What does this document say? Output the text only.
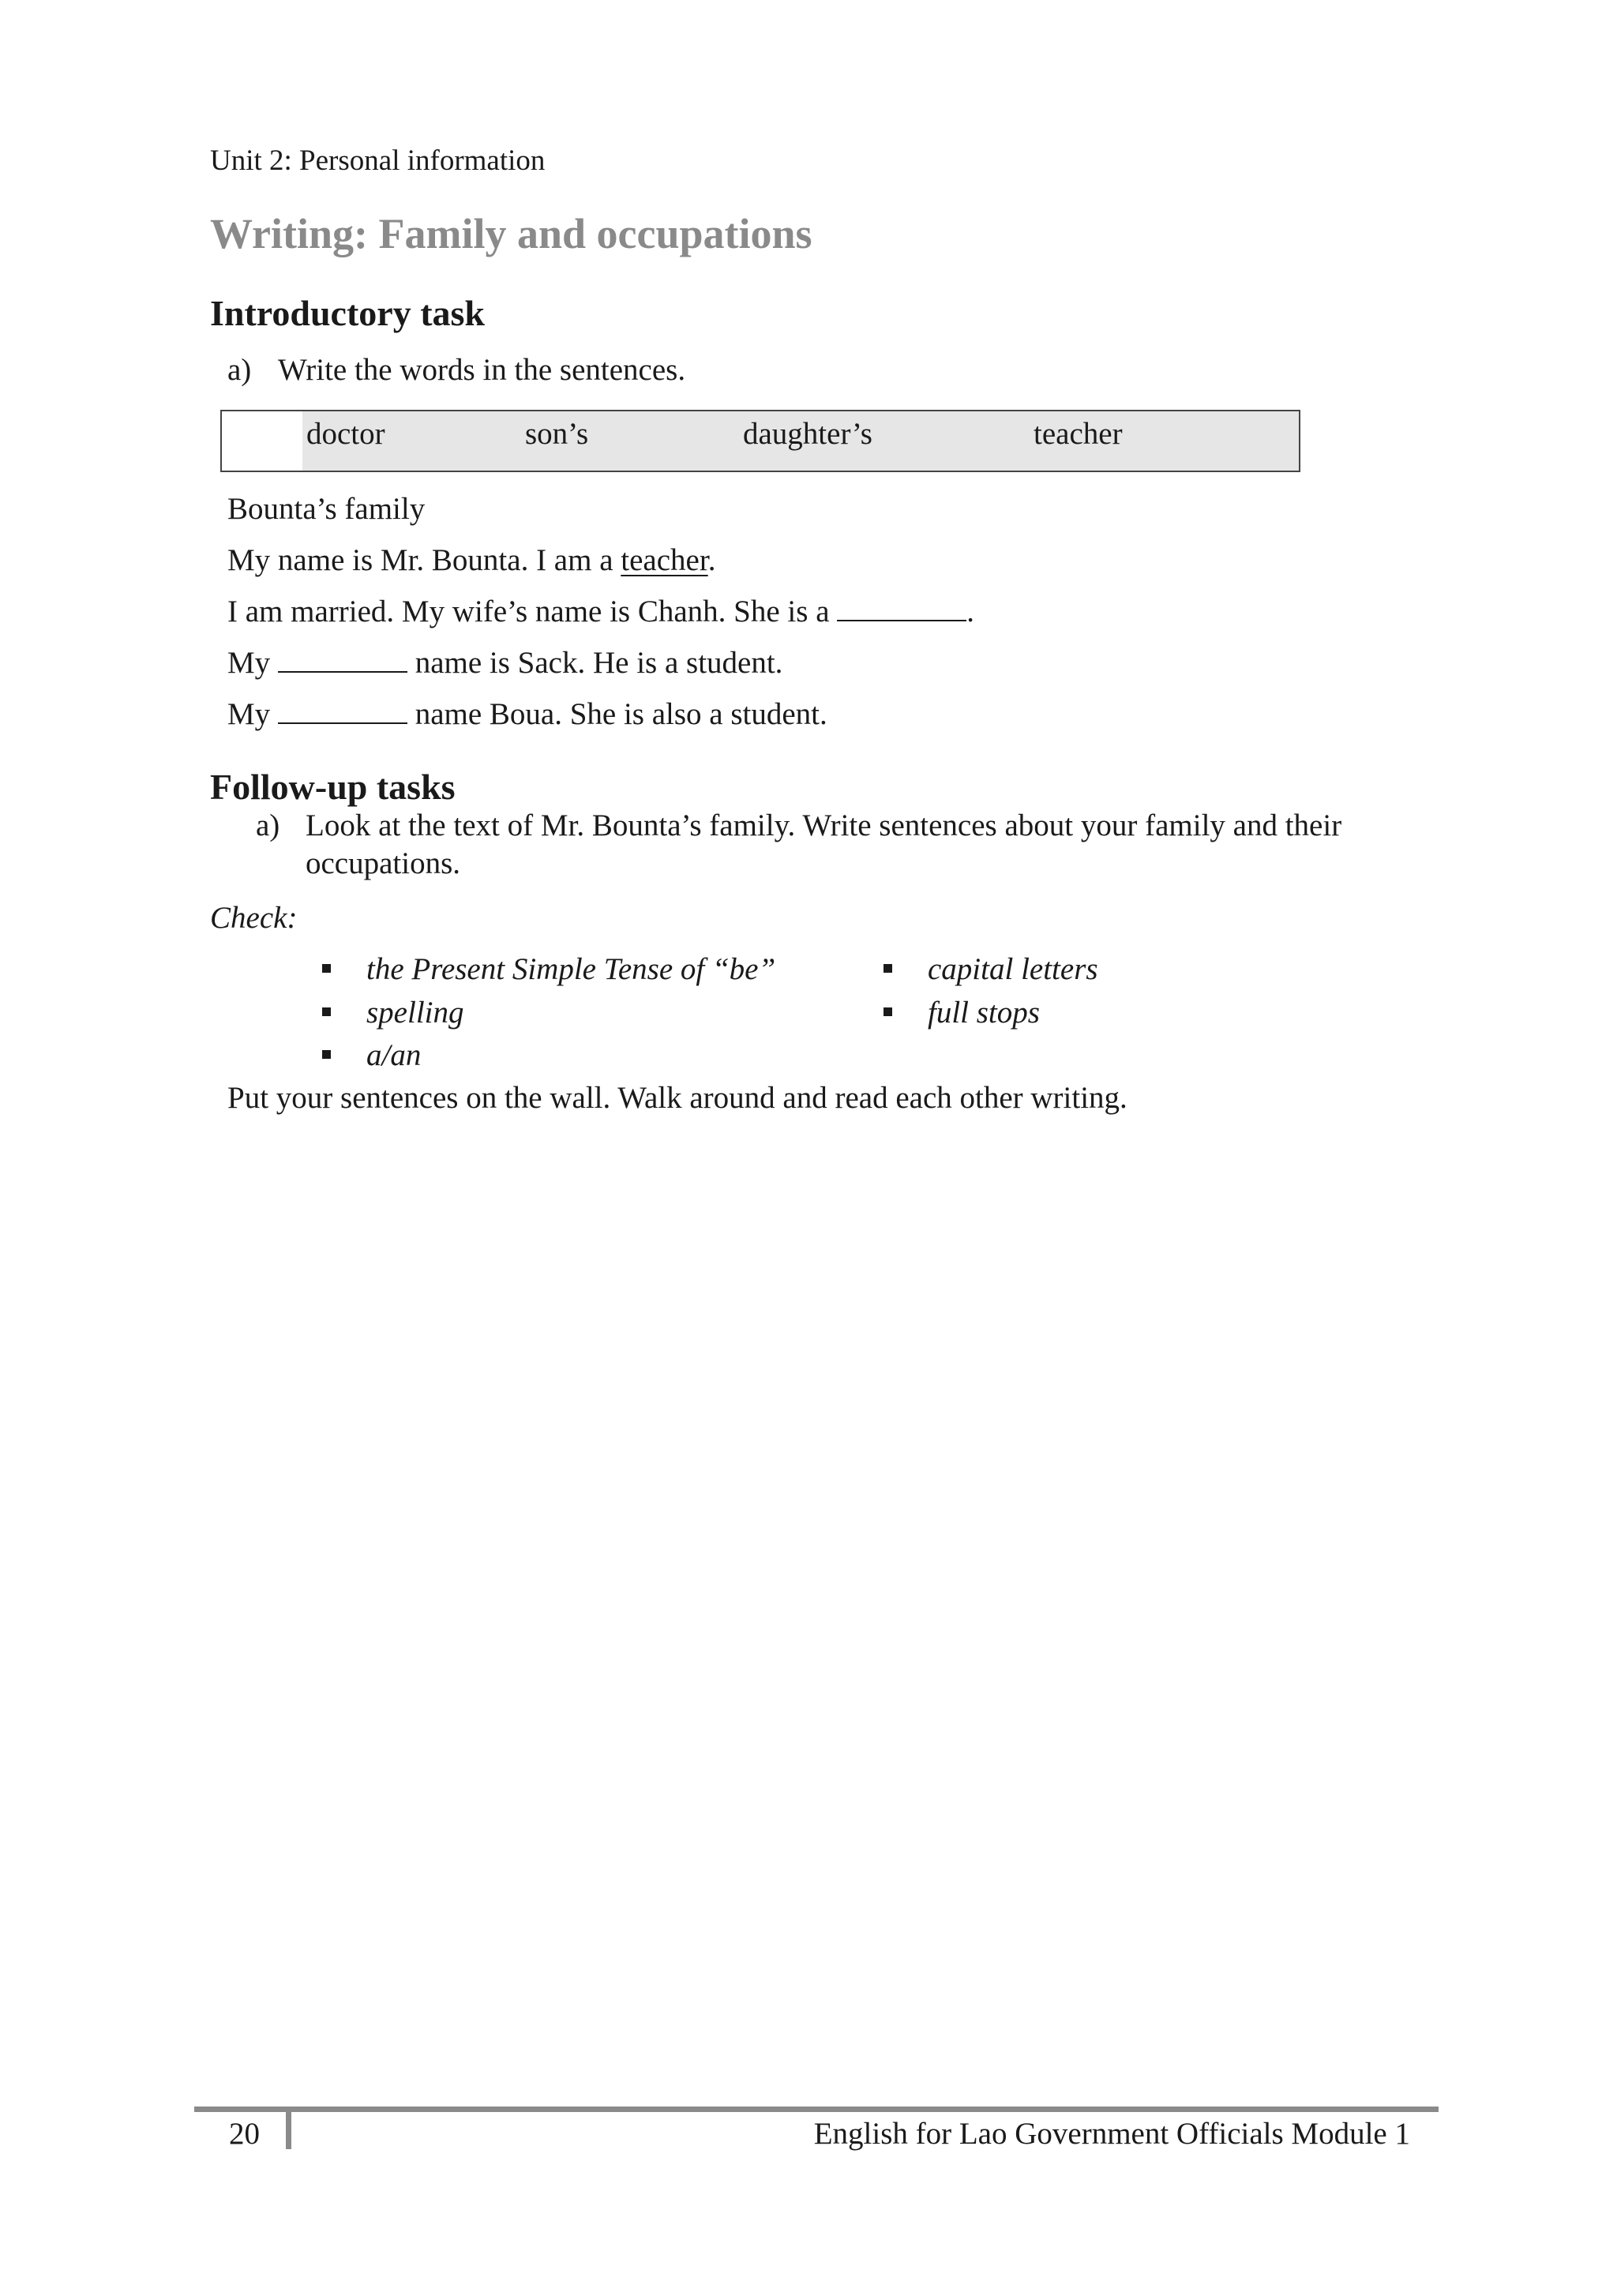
Unit 2: Personal information
Writing: Family and occupations
Introductory task
a) Write the words in the sentences.
doctor	son’s	daughter’s	teacher
Bounta’s family
My name is Mr. Bounta. I am a teacher.
I am married. My wife’s name is Chanh. She is a	.
My	name is Sack. He is a student.
My	name Boua. She is also a student.
Follow-up tasks
a) Look at the text of Mr. Bounta’s family. Write sentences about your family and their
occupations.
Check:
the Present Simple Tense of “be”
spelling
a/an
capital letters
full stops
Put your sentences on the wall. Walk around and read each other writing.
20	English for Lao Government Officials Module 1
